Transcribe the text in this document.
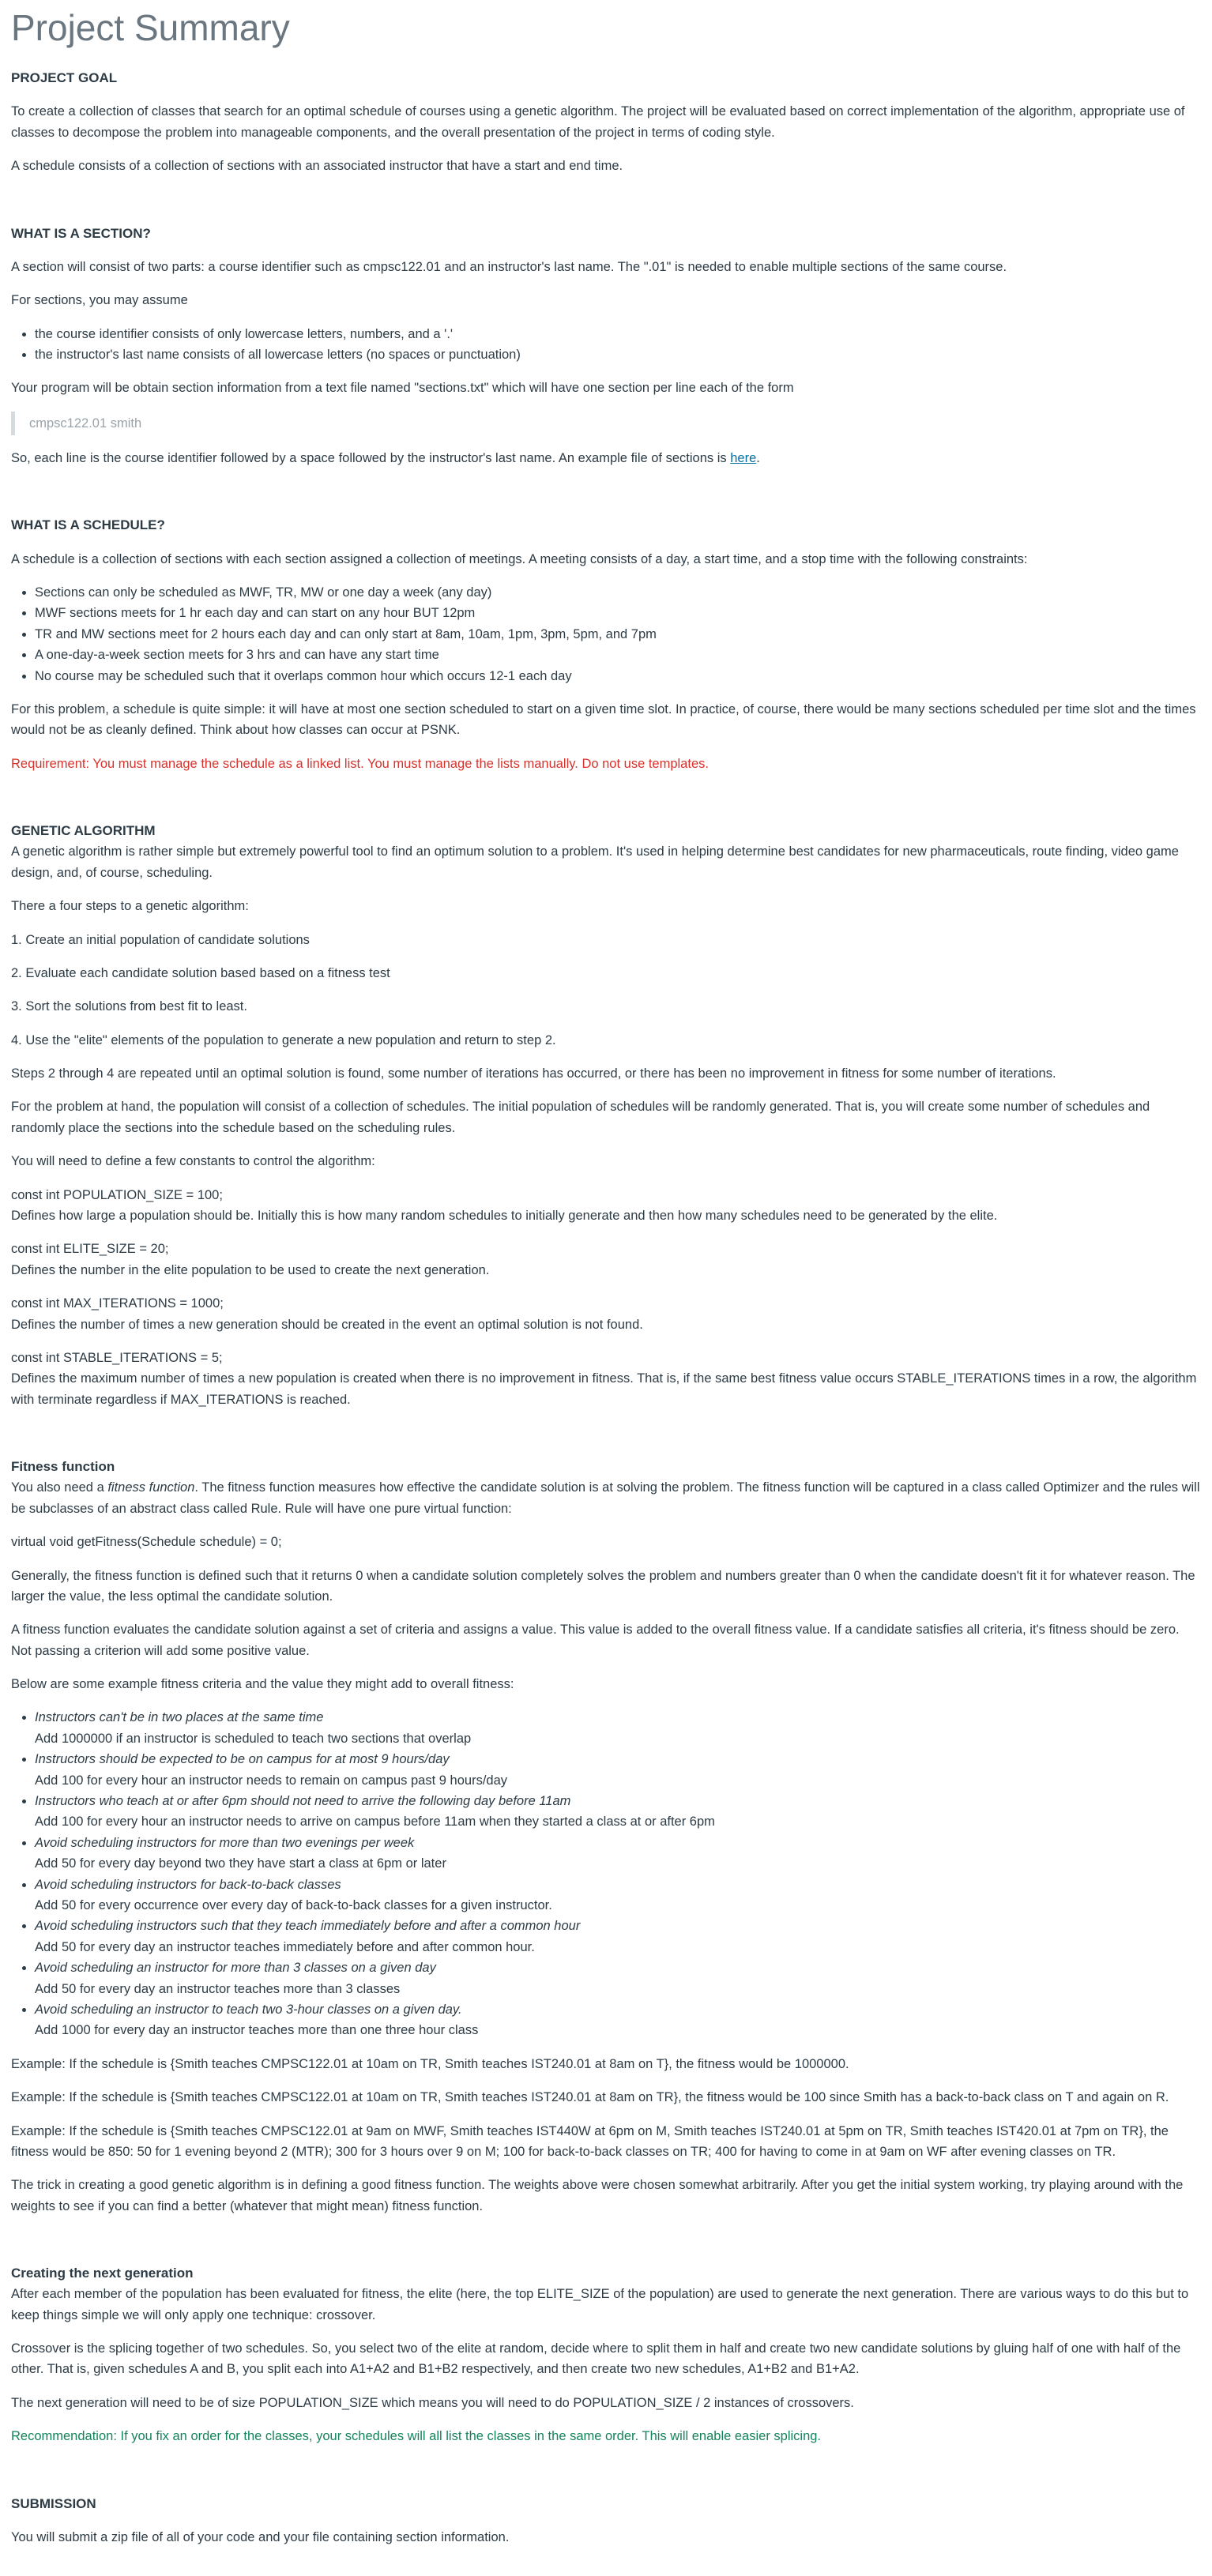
Project Summary
PROJECT GOAL

To create a collection of classes that search for an optimal schedule of courses using a genetic algorithm. The project will be evaluated based on correct implementation of the algorithm, appropriate use of classes to decompose the problem into manageable components, and the overall presentation of the project in terms of coding style.

A schedule consists of a collection of sections with an associated instructor that have a start and end time.

WHAT IS A SECTION?

A section will consist of two parts: a course identifier such as cmpsc122.01 and an instructor's last name. The ".01" is needed to enable multiple sections of the same course.

For sections, you may assume

• the course identifier consists of only lowercase letters, numbers, and a '.'
• the instructor's last name consists of all lowercase letters (no spaces or punctuation)

Your program will be obtain section information from a text file named "sections.txt" which will have one section per line each of the form

cmpsc122.01 smith

So, each line is the course identifier followed by a space followed by the instructor's last name. An example file of sections is here.

WHAT IS A SCHEDULE?

A schedule is a collection of sections with each section assigned a collection of meetings. A meeting consists of a day, a start time, and a stop time with the following constraints:

• Sections can only be scheduled as MWF, TR, MW or one day a week (any day)
• MWF sections meets for 1 hr each day and can start on any hour BUT 12pm
• TR and MW sections meet for 2 hours each day and can only start at 8am, 10am, 1pm, 3pm, 5pm, and 7pm
• A one-day-a-week section meets for 3 hrs and can have any start time
• No course may be scheduled such that it overlaps common hour which occurs 12-1 each day

For this problem, a schedule is quite simple: it will have at most one section scheduled to start on a given time slot. In practice, of course, there would be many sections scheduled per time slot and the times would not be as cleanly defined. Think about how classes can occur at PSNK.

Requirement: You must manage the schedule as a linked list. You must manage the lists manually. Do not use templates.

GENETIC ALGORITHM

A genetic algorithm is rather simple but extremely powerful tool to find an optimum solution to a problem. It's used in helping determine best candidates for new pharmaceuticals, route finding, video game design, and, of course, scheduling.

There a four steps to a genetic algorithm:

1. Create an initial population of candidate solutions

2. Evaluate each candidate solution based based on a fitness test

3. Sort the solutions from best fit to least.

4. Use the "elite" elements of the population to generate a new population and return to step 2.

Steps 2 through 4 are repeated until an optimal solution is found, some number of iterations has occurred, or there has been no improvement in fitness for some number of iterations.

For the problem at hand, the population will consist of a collection of schedules. The initial population of schedules will be randomly generated. That is, you will create some number of schedules and randomly place the sections into the schedule based on the scheduling rules.

You will need to define a few constants to control the algorithm:

const int POPULATION_SIZE = 100;
Defines how large a population should be. Initially this is how many random schedules to initially generate and then how many schedules need to be generated by the elite.
const int ELITE_SIZE = 20;
Defines the number in the elite population to be used to create the next generation.
const int MAX_ITERATIONS = 1000;
Defines the number of times a new generation should be created in the event an optimal solution is not found.
const int STABLE_ITERATIONS = 5;
Defines the maximum number of times a new population is created when there is no improvement in fitness. That is, if the same best fitness value occurs STABLE_ITERATIONS times in a row, the algorithm with terminate regardless if MAX_ITERATIONS is reached.
Fitness function

You also need a fitness function. The fitness function measures how effective the candidate solution is at solving the problem. The fitness function will be captured in a class called Optimizer and the rules will be subclasses of an abstract class called Rule. Rule will have one pure virtual function:

virtual void getFitness(Schedule schedule) = 0;

Generally, the fitness function is defined such that it returns 0 when a candidate solution completely solves the problem and numbers greater than 0 when the candidate doesn't fit it for whatever reason. The larger the value, the less optimal the candidate solution.

A fitness function evaluates the candidate solution against a set of criteria and assigns a value. This value is added to the overall fitness value. If a candidate satisfies all criteria, it's fitness should be zero. Not passing a criterion will add some positive value.

Below are some example fitness criteria and the value they might add to overall fitness:

• Instructors can't be in two places at the same time
Add 1000000 if an instructor is scheduled to teach two sections that overlap
• Instructors should be expected to be on campus for at most 9 hours/day
Add 100 for every hour an instructor needs to remain on campus past 9 hours/day
• Instructors who teach at or after 6pm should not need to arrive the following day before 11am
Add 100 for every hour an instructor needs to arrive on campus before 11am when they started a class at or after 6pm
• Avoid scheduling instructors for more than two evenings per week
Add 50 for every day beyond two they have start a class at 6pm or later
• Avoid scheduling instructors for back-to-back classes
Add 50 for every occurrence over every day of back-to-back classes for a given instructor.
• Avoid scheduling instructors such that they teach immediately before and after a common hour
Add 50 for every day an instructor teaches immediately before and after common hour.
• Avoid scheduling an instructor for more than 3 classes on a given day
Add 50 for every day an instructor teaches more than 3 classes
• Avoid scheduling an instructor to teach two 3-hour classes on a given day.
Add 1000 for every day an instructor teaches more than one three hour class

Example: If the schedule is {Smith teaches CMPSC122.01 at 10am on TR, Smith teaches IST240.01 at 8am on T}, the fitness would be 1000000.

Example: If the schedule is {Smith teaches CMPSC122.01 at 10am on TR, Smith teaches IST240.01 at 8am on TR}, the fitness would be 100 since Smith has a back-to-back class on T and again on R.

Example: If the schedule is {Smith teaches CMPSC122.01 at 9am on MWF, Smith teaches IST440W at 6pm on M, Smith teaches IST240.01 at 5pm on TR, Smith teaches IST420.01 at 7pm on TR}, the fitness would be 850: 50 for 1 evening beyond 2 (MTR); 300 for 3 hours over 9 on M; 100 for back-to-back classes on TR; 400 for having to come in at 9am on WF after evening classes on TR.

The trick in creating a good genetic algorithm is in defining a good fitness function. The weights above were chosen somewhat arbitrarily. After you get the initial system working, try playing around with the weights to see if you can find a better (whatever that might mean) fitness function.

Creating the next generation

After each member of the population has been evaluated for fitness, the elite (here, the top ELITE_SIZE of the population) are used to generate the next generation. There are various ways to do this but to keep things simple we will only apply one technique: crossover.

Crossover is the splicing together of two schedules. So, you select two of the elite at random, decide where to split them in half and create two new candidate solutions by gluing half of one with half of the other. That is, given schedules A and B, you split each into A1+A2 and B1+B2 respectively, and then create two new schedules, A1+B2 and B1+A2.

The next generation will need to be of size POPULATION_SIZE which means you will need to do POPULATION_SIZE / 2 instances of crossovers.

Recommendation: If you fix an order for the classes, your schedules will all list the classes in the same order. This will enable easier splicing.

SUBMISSION

You will submit a zip file of all of your code and your file containing section information.
